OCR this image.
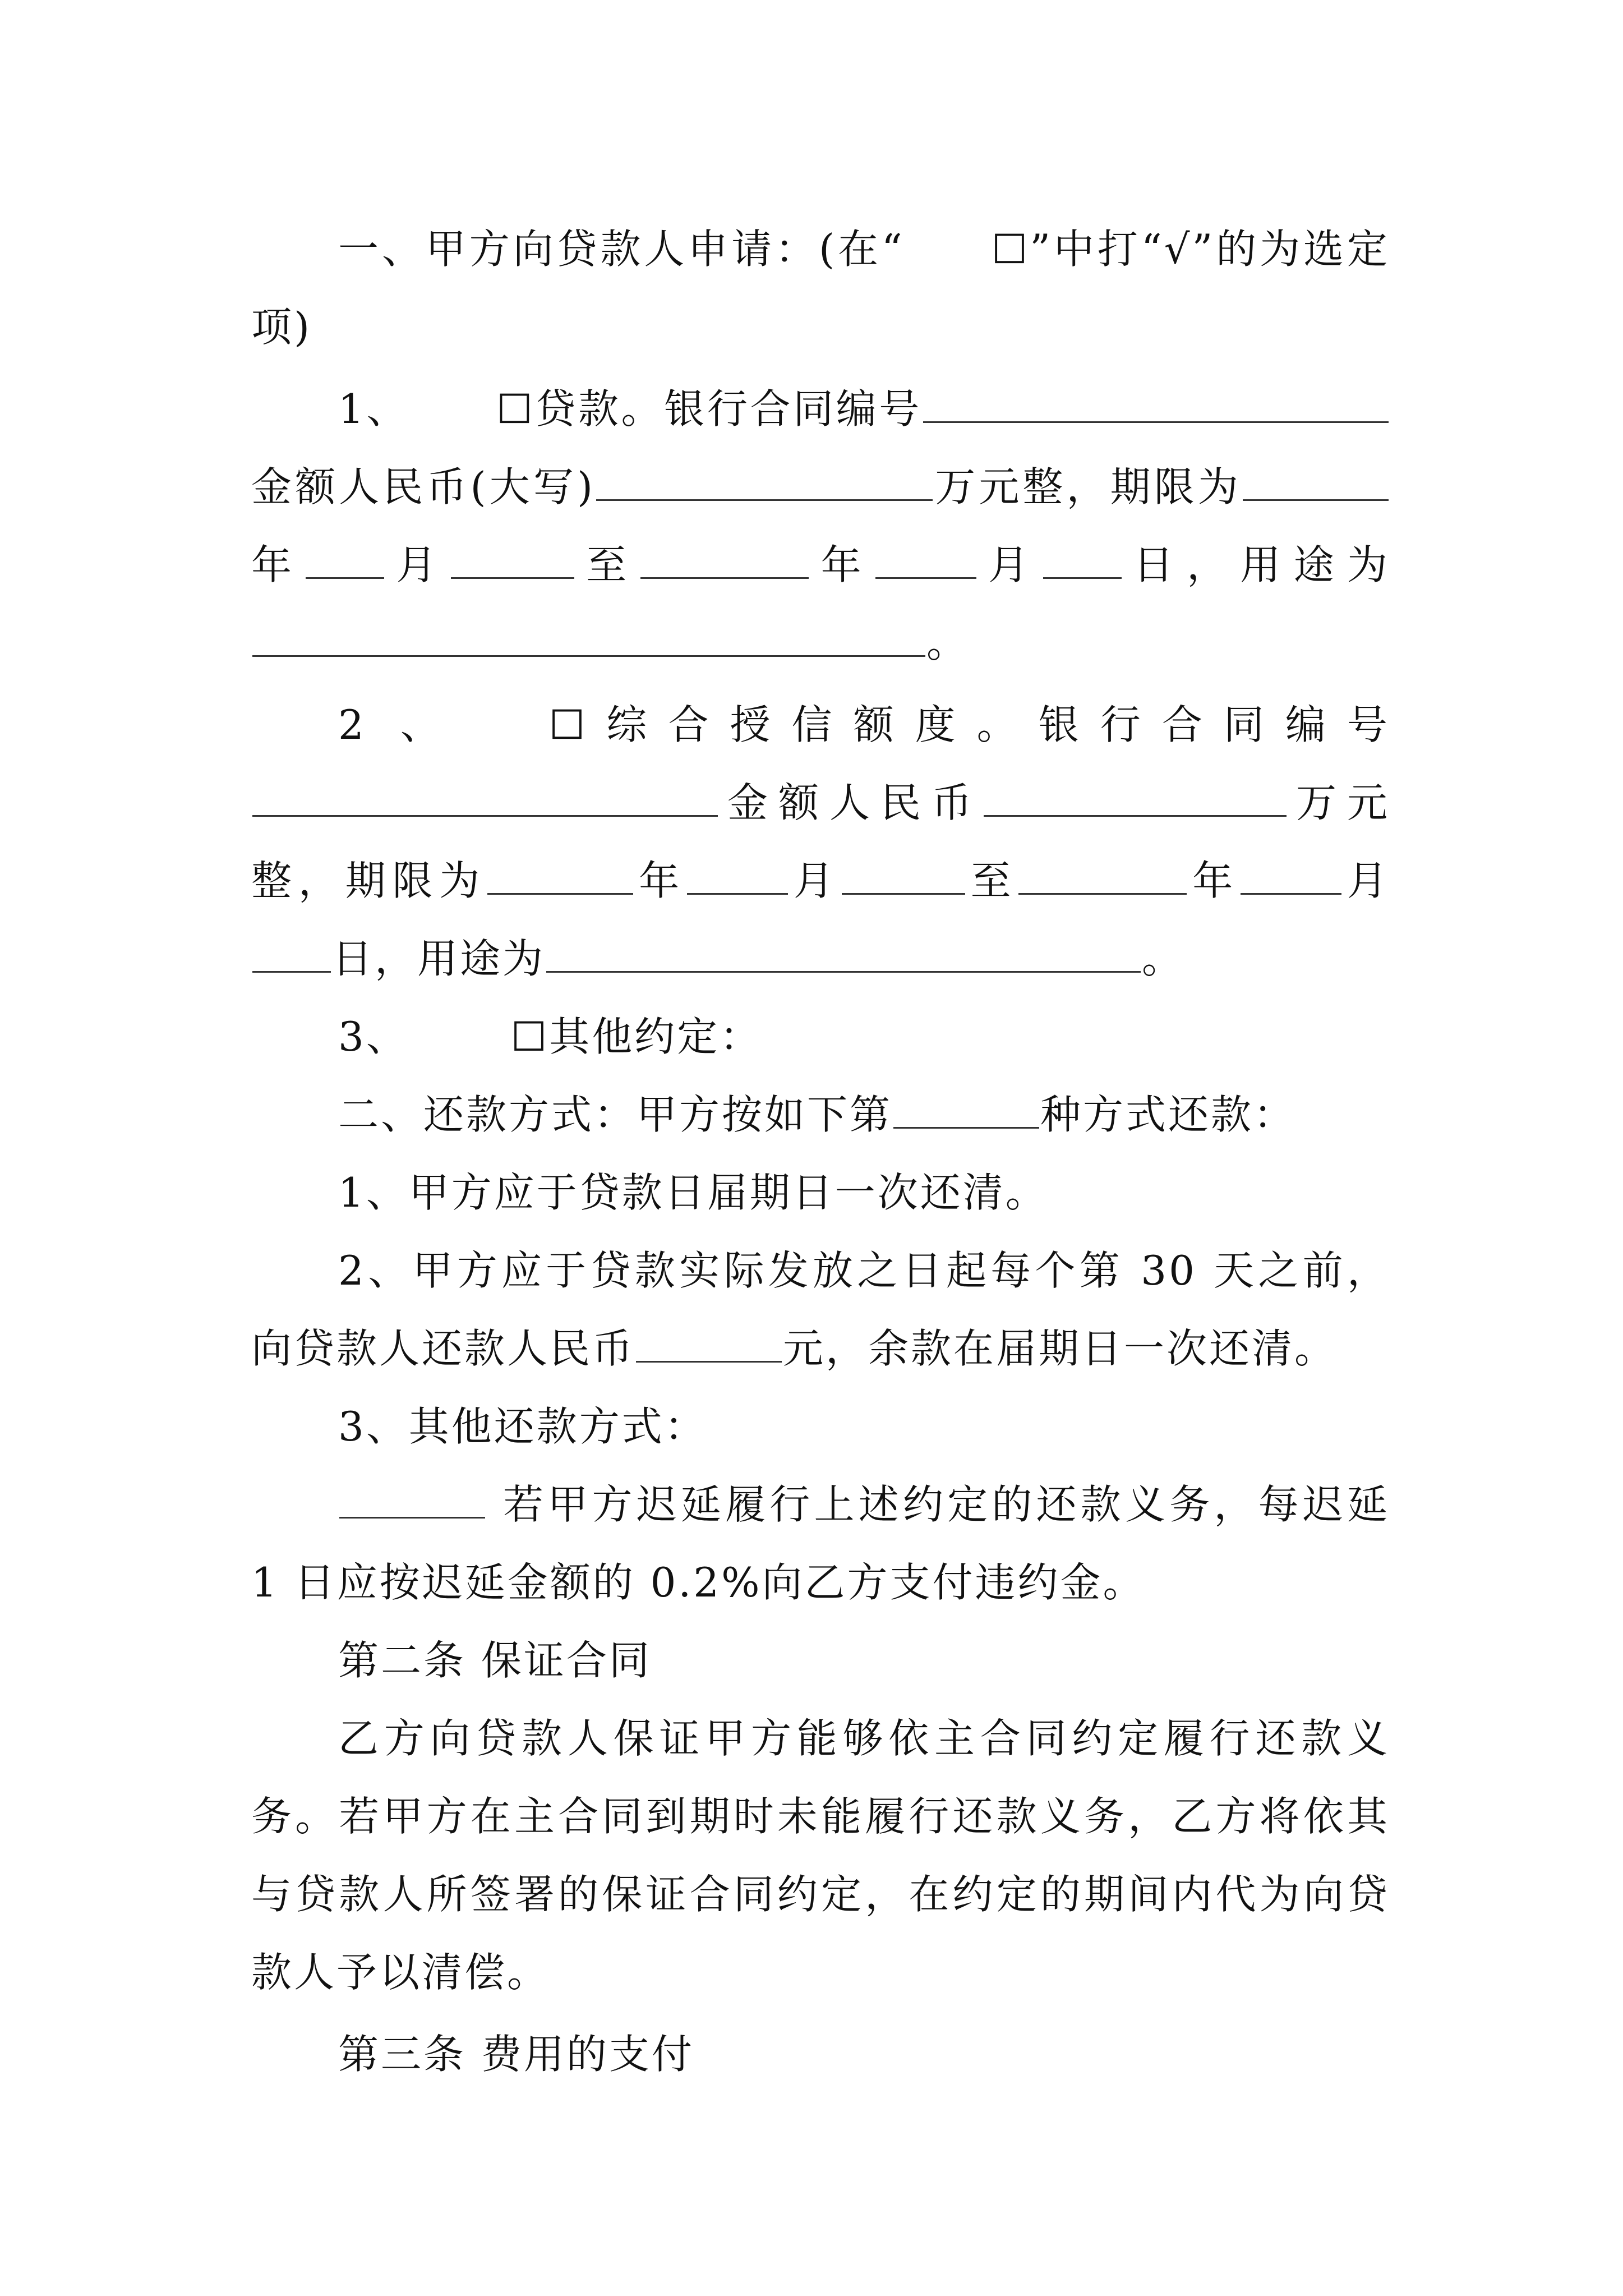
一、甲方向贷款人申请：(在“ ☐”中打“√”的为选定项)

1、 ☐贷款。银行合同编号金额人民币(大写)	万元整，期限为年 月	至	年	月 日，用途为。

2 、 ☐综合授信额度。银行合同编号金额人民币	万元整，期限为	年	月	至	年	月日，用途为	。

3、 ☐其他约定：

二、还款方式：甲方按如下第	种方式还款：

1、甲方应于贷款日届期日一次还清。

2、甲方应于贷款实际发放之日起每个第 30 天之前，向贷款人还款人民币	元，余款在届期日一次还清。

3、其他还款方式：

若甲方迟延履行上述约定的还款义务，每迟延 1 日应按迟延金额的 0.2%向乙方支付违约金。

第二条 保证合同

乙方向贷款人保证甲方能够依主合同约定履行还款义务。若甲方在主合同到期时未能履行还款义务，乙方将依其与贷款人所签署的保证合同约定，在约定的期间内代为向贷款人予以清偿。

第三条 费用的支付
